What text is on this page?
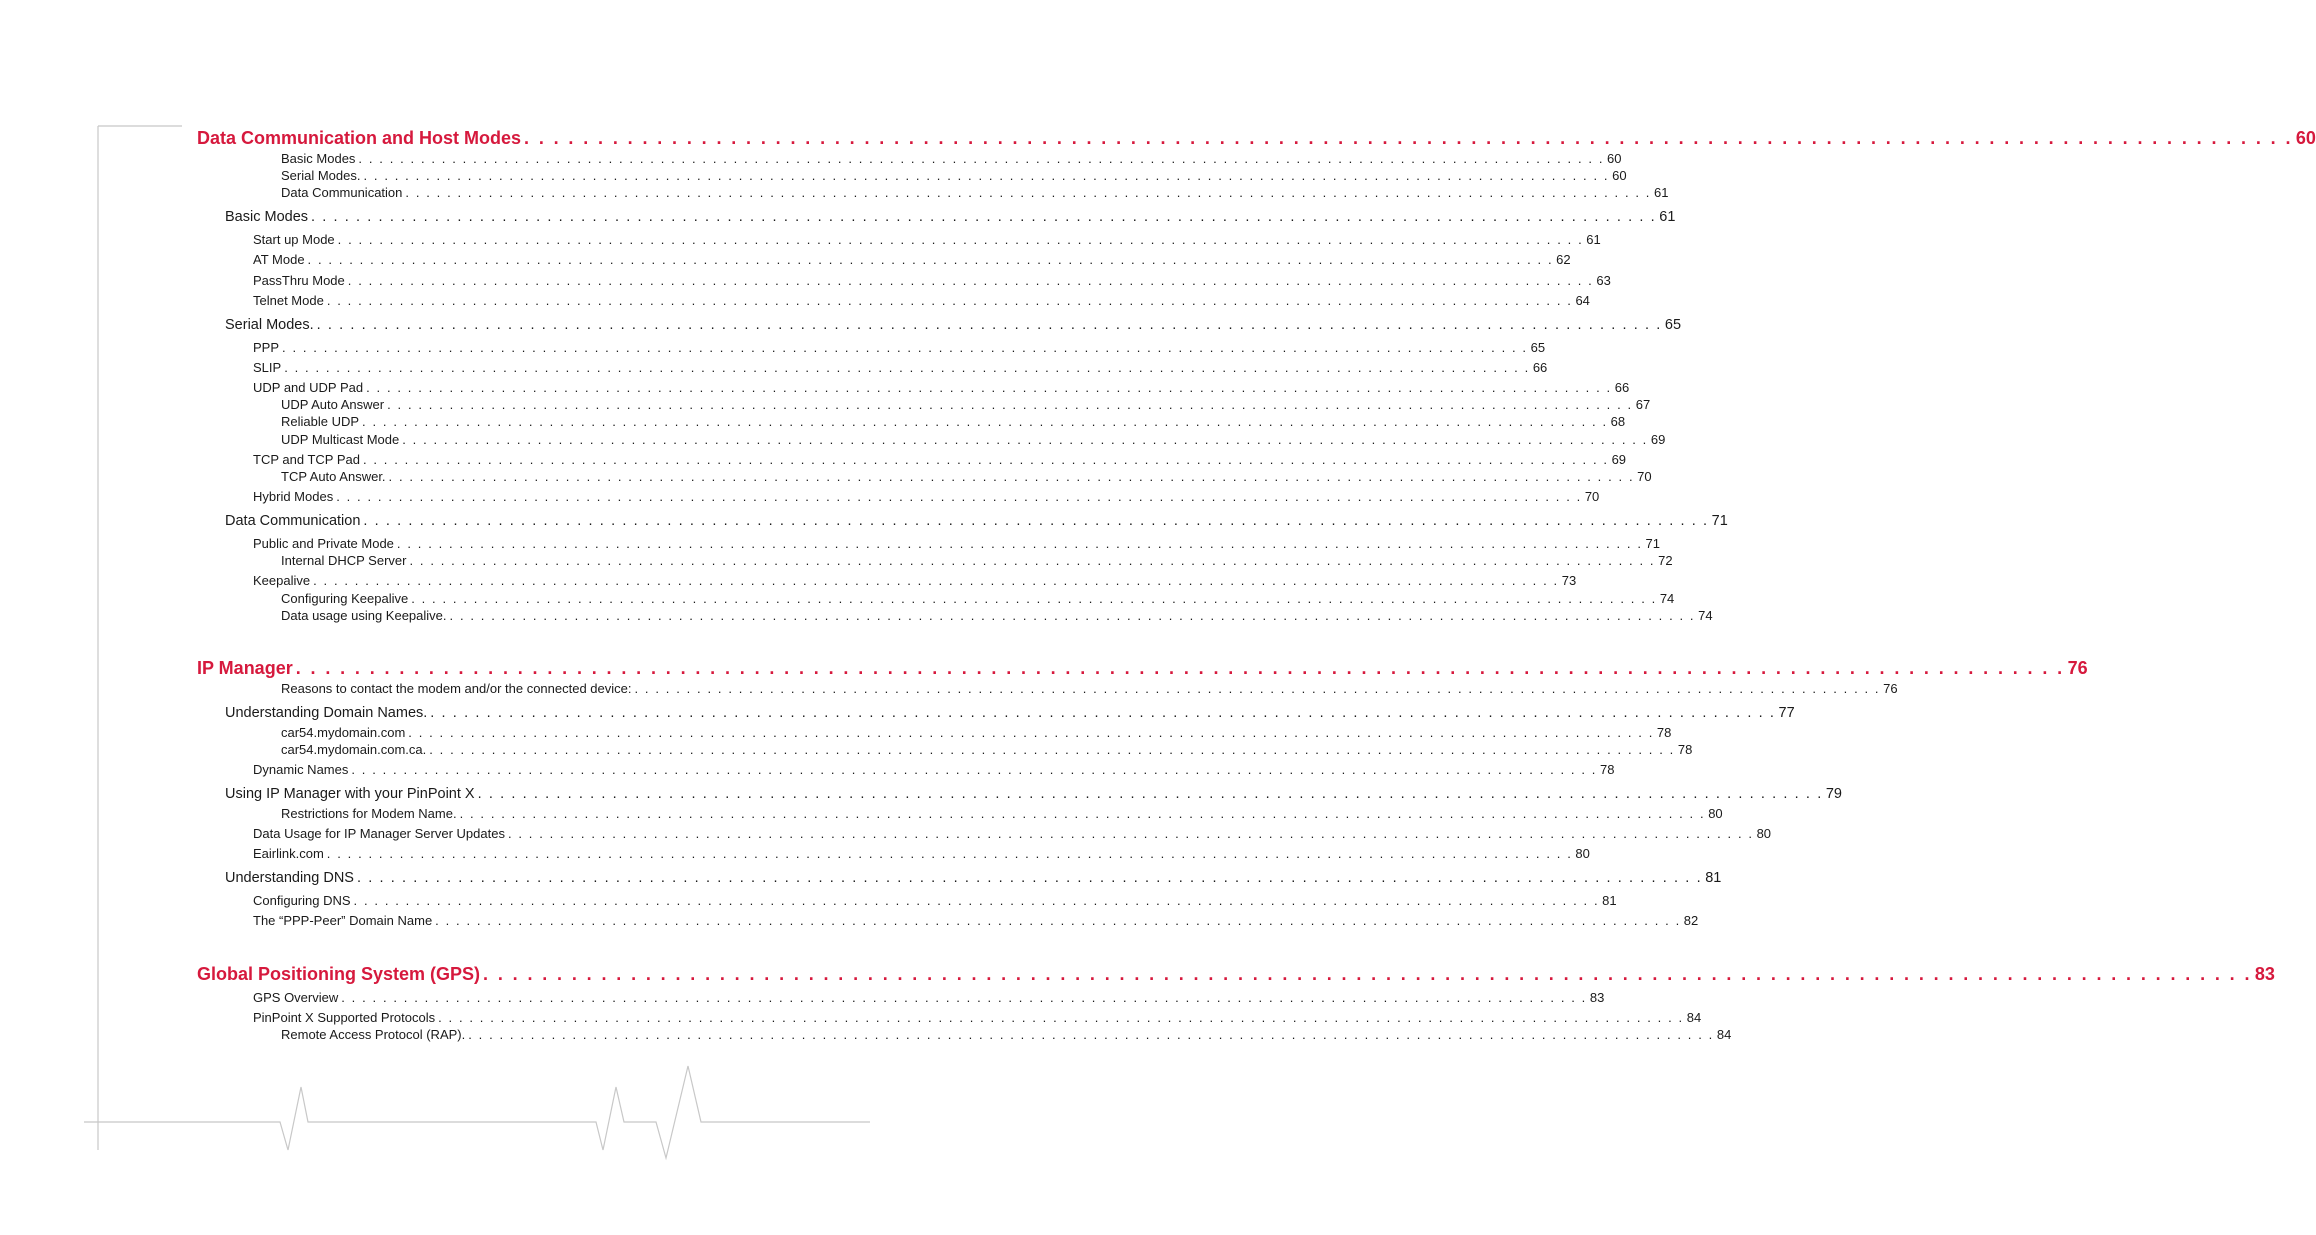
Data Communication and Host Modes . . . . . . . . . . . . . . . . . . . . . . . . . . . . . . . . . . . . . . . . . . . . . . . . . . . . . . . . . . . . . . . . . . . . . . . . . . . . . . . . . . . . . . . . . . . . . . . . . . . . . . . . . . . . . . . . . . . . . . . . 60
Basic Modes . . . . . . . . . . . . . . . . . . . . . . . . . . . . . . . . . . . . . . . . . . . . . . . . . . . . . . . . . . . . . . . . . . . . . . . . . . . . . . . . . . . . . . . . . . . . . . . . . . . . . . . . . . . . . . . . . . . . . . . . 60
Serial Modes. . . . . . . . . . . . . . . . . . . . . . . . . . . . . . . . . . . . . . . . . . . . . . . . . . . . . . . . . . . . . . . . . . . . . . . . . . . . . . . . . . . . . . . . . . . . . . . . . . . . . . . . . . . . . . . . . . . . . . . . . 60
Data Communication . . . . . . . . . . . . . . . . . . . . . . . . . . . . . . . . . . . . . . . . . . . . . . . . . . . . . . . . . . . . . . . . . . . . . . . . . . . . . . . . . . . . . . . . . . . . . . . . . . . . . . . . . . . . . . . . . . . . . . . . 61
Basic Modes . . . . . . . . . . . . . . . . . . . . . . . . . . . . . . . . . . . . . . . . . . . . . . . . . . . . . . . . . . . . . . . . . . . . . . . . . . . . . . . . . . . . . . . . . . . . . . . . . . . . . . . . . . . . . . . . . . . . . . . . 61
Start up Mode . . . . . . . . . . . . . . . . . . . . . . . . . . . . . . . . . . . . . . . . . . . . . . . . . . . . . . . . . . . . . . . . . . . . . . . . . . . . . . . . . . . . . . . . . . . . . . . . . . . . . . . . . . . . . . . . . . . . . . . . 61
AT Mode . . . . . . . . . . . . . . . . . . . . . . . . . . . . . . . . . . . . . . . . . . . . . . . . . . . . . . . . . . . . . . . . . . . . . . . . . . . . . . . . . . . . . . . . . . . . . . . . . . . . . . . . . . . . . . . . . . . . . . . . 62
PassThru Mode . . . . . . . . . . . . . . . . . . . . . . . . . . . . . . . . . . . . . . . . . . . . . . . . . . . . . . . . . . . . . . . . . . . . . . . . . . . . . . . . . . . . . . . . . . . . . . . . . . . . . . . . . . . . . . . . . . . . . . . . 63
Telnet Mode . . . . . . . . . . . . . . . . . . . . . . . . . . . . . . . . . . . . . . . . . . . . . . . . . . . . . . . . . . . . . . . . . . . . . . . . . . . . . . . . . . . . . . . . . . . . . . . . . . . . . . . . . . . . . . . . . . . . . . . . 64
Serial Modes. . . . . . . . . . . . . . . . . . . . . . . . . . . . . . . . . . . . . . . . . . . . . . . . . . . . . . . . . . . . . . . . . . . . . . . . . . . . . . . . . . . . . . . . . . . . . . . . . . . . . . . . . . . . . . . . . . . . . . . . . 65
PPP . . . . . . . . . . . . . . . . . . . . . . . . . . . . . . . . . . . . . . . . . . . . . . . . . . . . . . . . . . . . . . . . . . . . . . . . . . . . . . . . . . . . . . . . . . . . . . . . . . . . . . . . . . . . . . . . . . . . . . . . 65
SLIP . . . . . . . . . . . . . . . . . . . . . . . . . . . . . . . . . . . . . . . . . . . . . . . . . . . . . . . . . . . . . . . . . . . . . . . . . . . . . . . . . . . . . . . . . . . . . . . . . . . . . . . . . . . . . . . . . . . . . . . . 66
UDP and UDP Pad . . . . . . . . . . . . . . . . . . . . . . . . . . . . . . . . . . . . . . . . . . . . . . . . . . . . . . . . . . . . . . . . . . . . . . . . . . . . . . . . . . . . . . . . . . . . . . . . . . . . . . . . . . . . . . . . . . . . . . . . 66
UDP Auto Answer . . . . . . . . . . . . . . . . . . . . . . . . . . . . . . . . . . . . . . . . . . . . . . . . . . . . . . . . . . . . . . . . . . . . . . . . . . . . . . . . . . . . . . . . . . . . . . . . . . . . . . . . . . . . . . . . . . . . . . . . 67
Reliable UDP . . . . . . . . . . . . . . . . . . . . . . . . . . . . . . . . . . . . . . . . . . . . . . . . . . . . . . . . . . . . . . . . . . . . . . . . . . . . . . . . . . . . . . . . . . . . . . . . . . . . . . . . . . . . . . . . . . . . . . . . 68
UDP Multicast Mode . . . . . . . . . . . . . . . . . . . . . . . . . . . . . . . . . . . . . . . . . . . . . . . . . . . . . . . . . . . . . . . . . . . . . . . . . . . . . . . . . . . . . . . . . . . . . . . . . . . . . . . . . . . . . . . . . . . . . . . . 69
TCP and TCP Pad . . . . . . . . . . . . . . . . . . . . . . . . . . . . . . . . . . . . . . . . . . . . . . . . . . . . . . . . . . . . . . . . . . . . . . . . . . . . . . . . . . . . . . . . . . . . . . . . . . . . . . . . . . . . . . . . . . . . . . . . 69
TCP Auto Answer. . . . . . . . . . . . . . . . . . . . . . . . . . . . . . . . . . . . . . . . . . . . . . . . . . . . . . . . . . . . . . . . . . . . . . . . . . . . . . . . . . . . . . . . . . . . . . . . . . . . . . . . . . . . . . . . . . . . . . . . . 70
Hybrid Modes . . . . . . . . . . . . . . . . . . . . . . . . . . . . . . . . . . . . . . . . . . . . . . . . . . . . . . . . . . . . . . . . . . . . . . . . . . . . . . . . . . . . . . . . . . . . . . . . . . . . . . . . . . . . . . . . . . . . . . . . 70
Data Communication . . . . . . . . . . . . . . . . . . . . . . . . . . . . . . . . . . . . . . . . . . . . . . . . . . . . . . . . . . . . . . . . . . . . . . . . . . . . . . . . . . . . . . . . . . . . . . . . . . . . . . . . . . . . . . . . . . . . . . . . 71
Public and Private Mode . . . . . . . . . . . . . . . . . . . . . . . . . . . . . . . . . . . . . . . . . . . . . . . . . . . . . . . . . . . . . . . . . . . . . . . . . . . . . . . . . . . . . . . . . . . . . . . . . . . . . . . . . . . . . . . . . . . . . . . . 71
Internal DHCP Server . . . . . . . . . . . . . . . . . . . . . . . . . . . . . . . . . . . . . . . . . . . . . . . . . . . . . . . . . . . . . . . . . . . . . . . . . . . . . . . . . . . . . . . . . . . . . . . . . . . . . . . . . . . . . . . . . . . . . . . . 72
Keepalive . . . . . . . . . . . . . . . . . . . . . . . . . . . . . . . . . . . . . . . . . . . . . . . . . . . . . . . . . . . . . . . . . . . . . . . . . . . . . . . . . . . . . . . . . . . . . . . . . . . . . . . . . . . . . . . . . . . . . . . . 73
Configuring Keepalive . . . . . . . . . . . . . . . . . . . . . . . . . . . . . . . . . . . . . . . . . . . . . . . . . . . . . . . . . . . . . . . . . . . . . . . . . . . . . . . . . . . . . . . . . . . . . . . . . . . . . . . . . . . . . . . . . . . . . . . . 74
Data usage using Keepalive. . . . . . . . . . . . . . . . . . . . . . . . . . . . . . . . . . . . . . . . . . . . . . . . . . . . . . . . . . . . . . . . . . . . . . . . . . . . . . . . . . . . . . . . . . . . . . . . . . . . . . . . . . . . . . . . . . . . . . . . . 74
IP Manager . . . . . . . . . . . . . . . . . . . . . . . . . . . . . . . . . . . . . . . . . . . . . . . . . . . . . . . . . . . . . . . . . . . . . . . . . . . . . . . . . . . . . . . . . . . . . . . . . . . . . . . . . . . . . . . . . . . . . . . . 76
Reasons to contact the modem and/or the connected device: . . . . . . . . . . . . . . . . . . . . . . . . . . . . . . . . . . . . . . . . . . . . . . . . . . . . . . . . . . . . . . . . . . . . . . . . . . . . . . . . . . . . . . . . . . . . . . . . . . . . . . . . . . . . . . . . . . . . . . . . 76
Understanding Domain Names. . . . . . . . . . . . . . . . . . . . . . . . . . . . . . . . . . . . . . . . . . . . . . . . . . . . . . . . . . . . . . . . . . . . . . . . . . . . . . . . . . . . . . . . . . . . . . . . . . . . . . . . . . . . . . . . . . . . . . . . . 77
car54.mydomain.com . . . . . . . . . . . . . . . . . . . . . . . . . . . . . . . . . . . . . . . . . . . . . . . . . . . . . . . . . . . . . . . . . . . . . . . . . . . . . . . . . . . . . . . . . . . . . . . . . . . . . . . . . . . . . . . . . . . . . . . . 78
car54.mydomain.com.ca. . . . . . . . . . . . . . . . . . . . . . . . . . . . . . . . . . . . . . . . . . . . . . . . . . . . . . . . . . . . . . . . . . . . . . . . . . . . . . . . . . . . . . . . . . . . . . . . . . . . . . . . . . . . . . . . . . . . . . . . . 78
Dynamic Names . . . . . . . . . . . . . . . . . . . . . . . . . . . . . . . . . . . . . . . . . . . . . . . . . . . . . . . . . . . . . . . . . . . . . . . . . . . . . . . . . . . . . . . . . . . . . . . . . . . . . . . . . . . . . . . . . . . . . . . . 78
Using IP Manager with your PinPoint X . . . . . . . . . . . . . . . . . . . . . . . . . . . . . . . . . . . . . . . . . . . . . . . . . . . . . . . . . . . . . . . . . . . . . . . . . . . . . . . . . . . . . . . . . . . . . . . . . . . . . . . . . . . . . . . . . . . . . . . . 79
Restrictions for Modem Name. . . . . . . . . . . . . . . . . . . . . . . . . . . . . . . . . . . . . . . . . . . . . . . . . . . . . . . . . . . . . . . . . . . . . . . . . . . . . . . . . . . . . . . . . . . . . . . . . . . . . . . . . . . . . . . . . . . . . . . . . 80
Data Usage for IP Manager Server Updates . . . . . . . . . . . . . . . . . . . . . . . . . . . . . . . . . . . . . . . . . . . . . . . . . . . . . . . . . . . . . . . . . . . . . . . . . . . . . . . . . . . . . . . . . . . . . . . . . . . . . . . . . . . . . . . . . . . . . . . . 80
Eairlink.com . . . . . . . . . . . . . . . . . . . . . . . . . . . . . . . . . . . . . . . . . . . . . . . . . . . . . . . . . . . . . . . . . . . . . . . . . . . . . . . . . . . . . . . . . . . . . . . . . . . . . . . . . . . . . . . . . . . . . . . . 80
Understanding DNS . . . . . . . . . . . . . . . . . . . . . . . . . . . . . . . . . . . . . . . . . . . . . . . . . . . . . . . . . . . . . . . . . . . . . . . . . . . . . . . . . . . . . . . . . . . . . . . . . . . . . . . . . . . . . . . . . . . . . . . . 81
Configuring DNS . . . . . . . . . . . . . . . . . . . . . . . . . . . . . . . . . . . . . . . . . . . . . . . . . . . . . . . . . . . . . . . . . . . . . . . . . . . . . . . . . . . . . . . . . . . . . . . . . . . . . . . . . . . . . . . . . . . . . . . . 81
The “PPP-Peer” Domain Name . . . . . . . . . . . . . . . . . . . . . . . . . . . . . . . . . . . . . . . . . . . . . . . . . . . . . . . . . . . . . . . . . . . . . . . . . . . . . . . . . . . . . . . . . . . . . . . . . . . . . . . . . . . . . . . . . . . . . . . . 82
Global Positioning System (GPS) . . . . . . . . . . . . . . . . . . . . . . . . . . . . . . . . . . . . . . . . . . . . . . . . . . . . . . . . . . . . . . . . . . . . . . . . . . . . . . . . . . . . . . . . . . . . . . . . . . . . . . . . . . . . . . . . . . . . . . . . 83
GPS Overview . . . . . . . . . . . . . . . . . . . . . . . . . . . . . . . . . . . . . . . . . . . . . . . . . . . . . . . . . . . . . . . . . . . . . . . . . . . . . . . . . . . . . . . . . . . . . . . . . . . . . . . . . . . . . . . . . . . . . . . . 83
PinPoint X Supported Protocols . . . . . . . . . . . . . . . . . . . . . . . . . . . . . . . . . . . . . . . . . . . . . . . . . . . . . . . . . . . . . . . . . . . . . . . . . . . . . . . . . . . . . . . . . . . . . . . . . . . . . . . . . . . . . . . . . . . . . . . . 84
Remote Access Protocol (RAP). . . . . . . . . . . . . . . . . . . . . . . . . . . . . . . . . . . . . . . . . . . . . . . . . . . . . . . . . . . . . . . . . . . . . . . . . . . . . . . . . . . . . . . . . . . . . . . . . . . . . . . . . . . . . . . . . . . . . . . . . 84
